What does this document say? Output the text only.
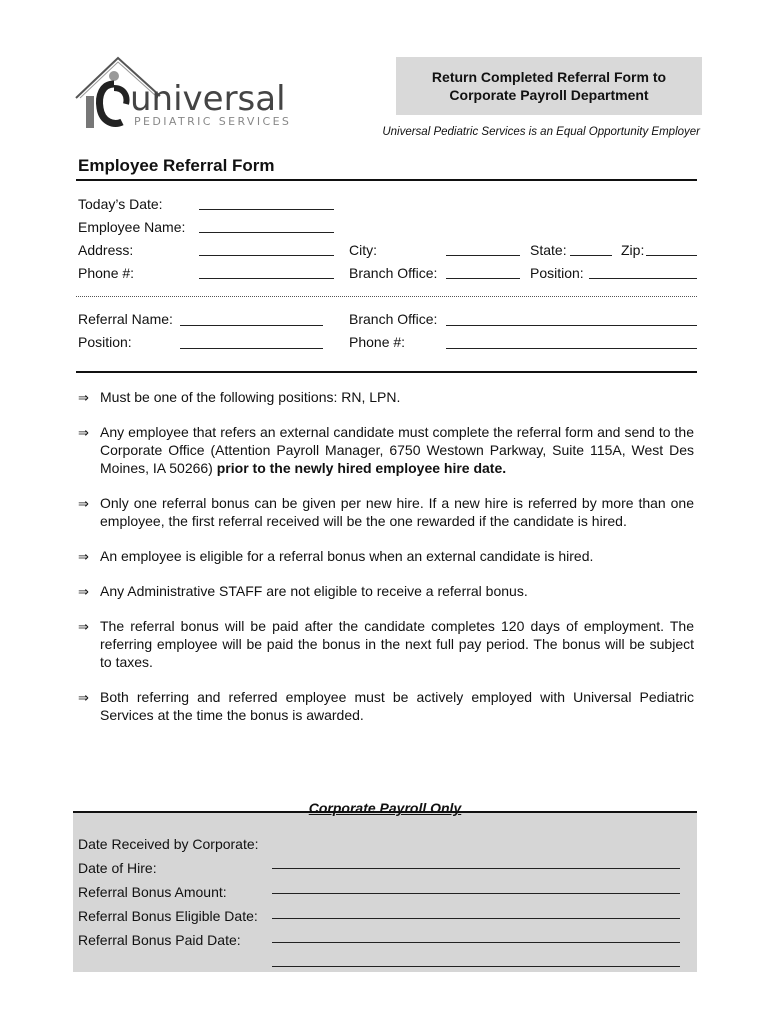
universal
PEDIATRIC SERVICES
Return Completed Referral Form to
Corporate Payroll Department
Universal Pediatric Services is an Equal Opportunity Employer
Employee Referral Form
Today’s Date:
Employee Name:
Address:
Phone #:
City:
Branch Office:
State:	Zip:
Position:
Referral Name:
Position:
Branch Office:
Phone #:
⇒ Must be one of the following positions: RN, LPN.
⇒ Any employee that refers an external candidate must complete the referral form and send to the Corporate Office (Attention Payroll Manager, 6750 Westown Parkway, Suite 115A, West Des Moines, IA 50266) prior to the newly hired employee hire date.
⇒ Only one referral bonus can be given per new hire. If a new hire is referred by more than one employee, the first referral received will be the one rewarded if the candidate is hired.
⇒ An employee is eligible for a referral bonus when an external candidate is hired.
⇒ Any Administrative STAFF are not eligible to receive a referral bonus.
⇒ The referral bonus will be paid after the candidate completes 120 days of employment. The referring employee will be paid the bonus in the next full pay period. The bonus will be subject to taxes.
⇒ Both referring and referred employee must be actively employed with Universal Pediatric Services at the time the bonus is awarded.
Corporate Payroll Only
Date Received by Corporate:
Date of Hire:
Referral Bonus Amount:
Referral Bonus Eligible Date:
Referral Bonus Paid Date:
